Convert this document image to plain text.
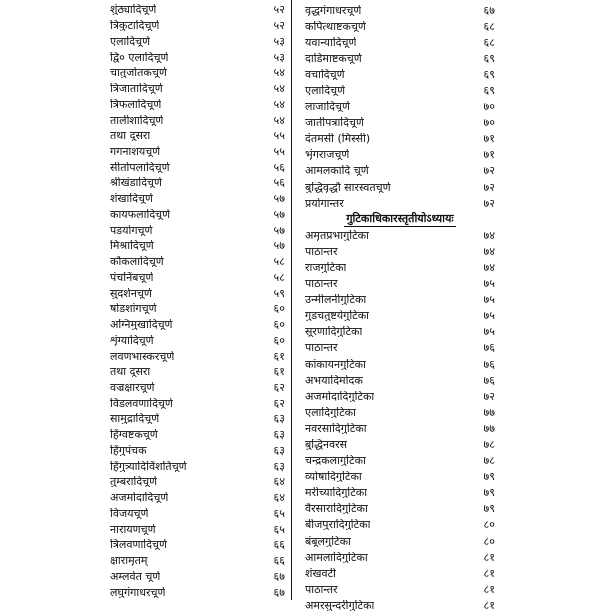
शुंठ्यादिचूर्ण	५२
त्रिकुटादिचूर्ण	५२
एलादिचूर्ण	५३
द्वि० एलादिचूर्ण	५३
चातुर्जातकचूर्ण	५४
त्रिजातादिचूर्ण	५४
त्रिफलादिचूर्ण	५४
तालीशादिचूर्ण	५४
तथा दूसरा	५५
गगनाशयचूर्ण	५५
सीतोपलादिचूर्ण	५६
श्रीखंडादिचूर्ण	५६
शंखादिचूर्ण	५७
कायफलादिचूर्ण	५७
पडयोगचूर्ण	५७
मिश्रादिचूर्ण	५७
कौकलादिचूर्ण	५८
पंचनिंबचूर्ण	५८
सुदर्शनचूर्ण	५९
षोडशांगचूर्ण	६०
अग्निमुखादिचूर्ण	६०
शृंग्यादिचूर्ण	६०
लवणभास्करचूर्ण	६१
तथा दूसरा	६१
वज्रक्षारचूर्ण	६२
विडलवणादिचूर्ण	६२
सामुद्रादिचूर्ण	६३
हिंग्वष्टकचूर्ण	६३
हिंगुपंचक	६३
हिंगुत्र्यादिविंशतिचूर्ण	६३
तुम्बरादिचूर्ण	६४
अजमोदादिचूर्ण	६४
विजयचूर्ण	६५
नारायणचूर्ण	६५
त्रिलवणादिचूर्ण	६६
क्षारामृतम्	६६
अम्लवेत चूर्ण	६७
लघुगंगाधरचूर्ण	६७
वृद्धगंगाधरचूर्ण	६७
कपित्थाष्टकचूर्ण	६८
यवान्यादिचूर्ण	६८
दाडिमाष्टकचूर्ण	६९
वचादिचूर्ण	६९
एलादिचूर्ण	६९
लाजादिचूर्ण	७०
जातीपत्रादिचूर्ण	७०
दंतमसी (मिस्सी)	७१
भृंगराजचूर्ण	७१
आमलकादि चूर्ण	७२
बुद्धिवृद्धौ सारस्वतचूर्ण	७२
प्रयोगान्तर	७२
गुटिकाधिकारस्तृतीयोऽध्यायः
अमृतप्रभागुटिका	७४
पाठान्तर	७४
राजगुटिका	७४
पाठान्तर	७५
उन्मीलनीगुटिका	७५
गुडचतुष्टयेगुटिका	७५
सूरणादिगुटिका	७५
पाठान्तर	७६
कांकायनगुटिका	७६
अभयादिमोदक	७६
अजमोदादिगुटिका	७२
एलादिगुटिका	७७
नवरसादिगुटिका	७७
बुद्धिनवरस	७८
चन्द्रकलागुटिका	७८
व्योषादिगुटिका	७९
मरीच्यादिगुटिका	७९
वैरसारादिगुटिका	७९
बीजपुरादिगुटिका	८०
बंबूलगुटिका	८०
आमलादिगुटिका	८१
शंखवटी	८१
पाठान्तर	८१
अमरसुन्दरीगुटिका	८१
